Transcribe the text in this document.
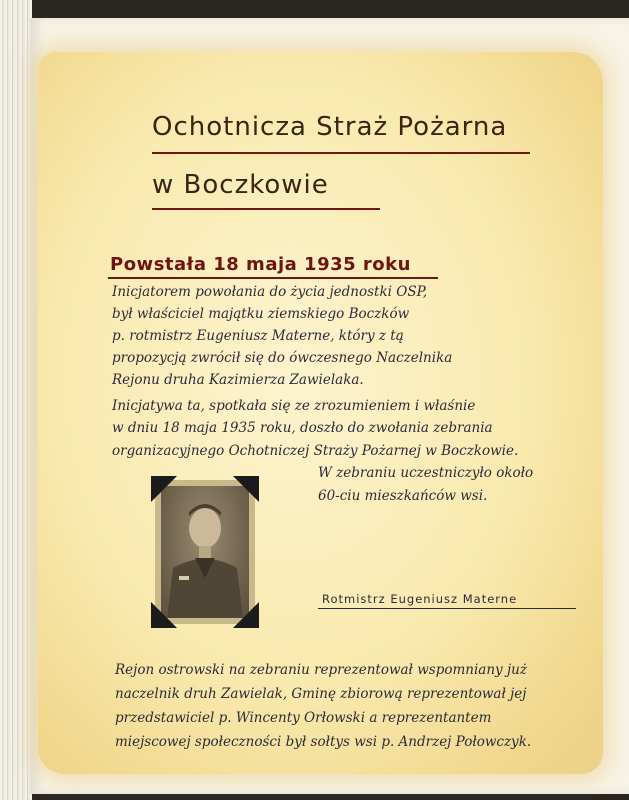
Ochotnicza Straż Pożarna
w Boczkowie
Powstała 18 maja 1935 roku
Inicjatorem powołania do życia jednostki OSP,
był właściciel majątku ziemskiego Boczków
p. rotmistrz Eugeniusz Materne, który z tą
propozycją zwrócił się do ówczesnego Naczelnika
Rejonu druha Kazimierza Zawielaka.
Inicjatywa ta, spotkała się ze zrozumieniem i właśnie
w dniu 18 maja 1935 roku, doszło do zwołania zebrania
organizacyjnego Ochotniczej Straży Pożarnej w Boczkowie.
W zebraniu uczestniczyło około
60-ciu mieszkańców wsi.
Rotmistrz Eugeniusz Materne
Rejon ostrowski na zebraniu reprezentował wspomniany już
naczelnik druh Zawielak, Gminę zbiorową reprezentował jej
przedstawiciel p. Wincenty Orłowski a reprezentantem
miejscowej społeczności był sołtys wsi p. Andrzej Połowczyk.
